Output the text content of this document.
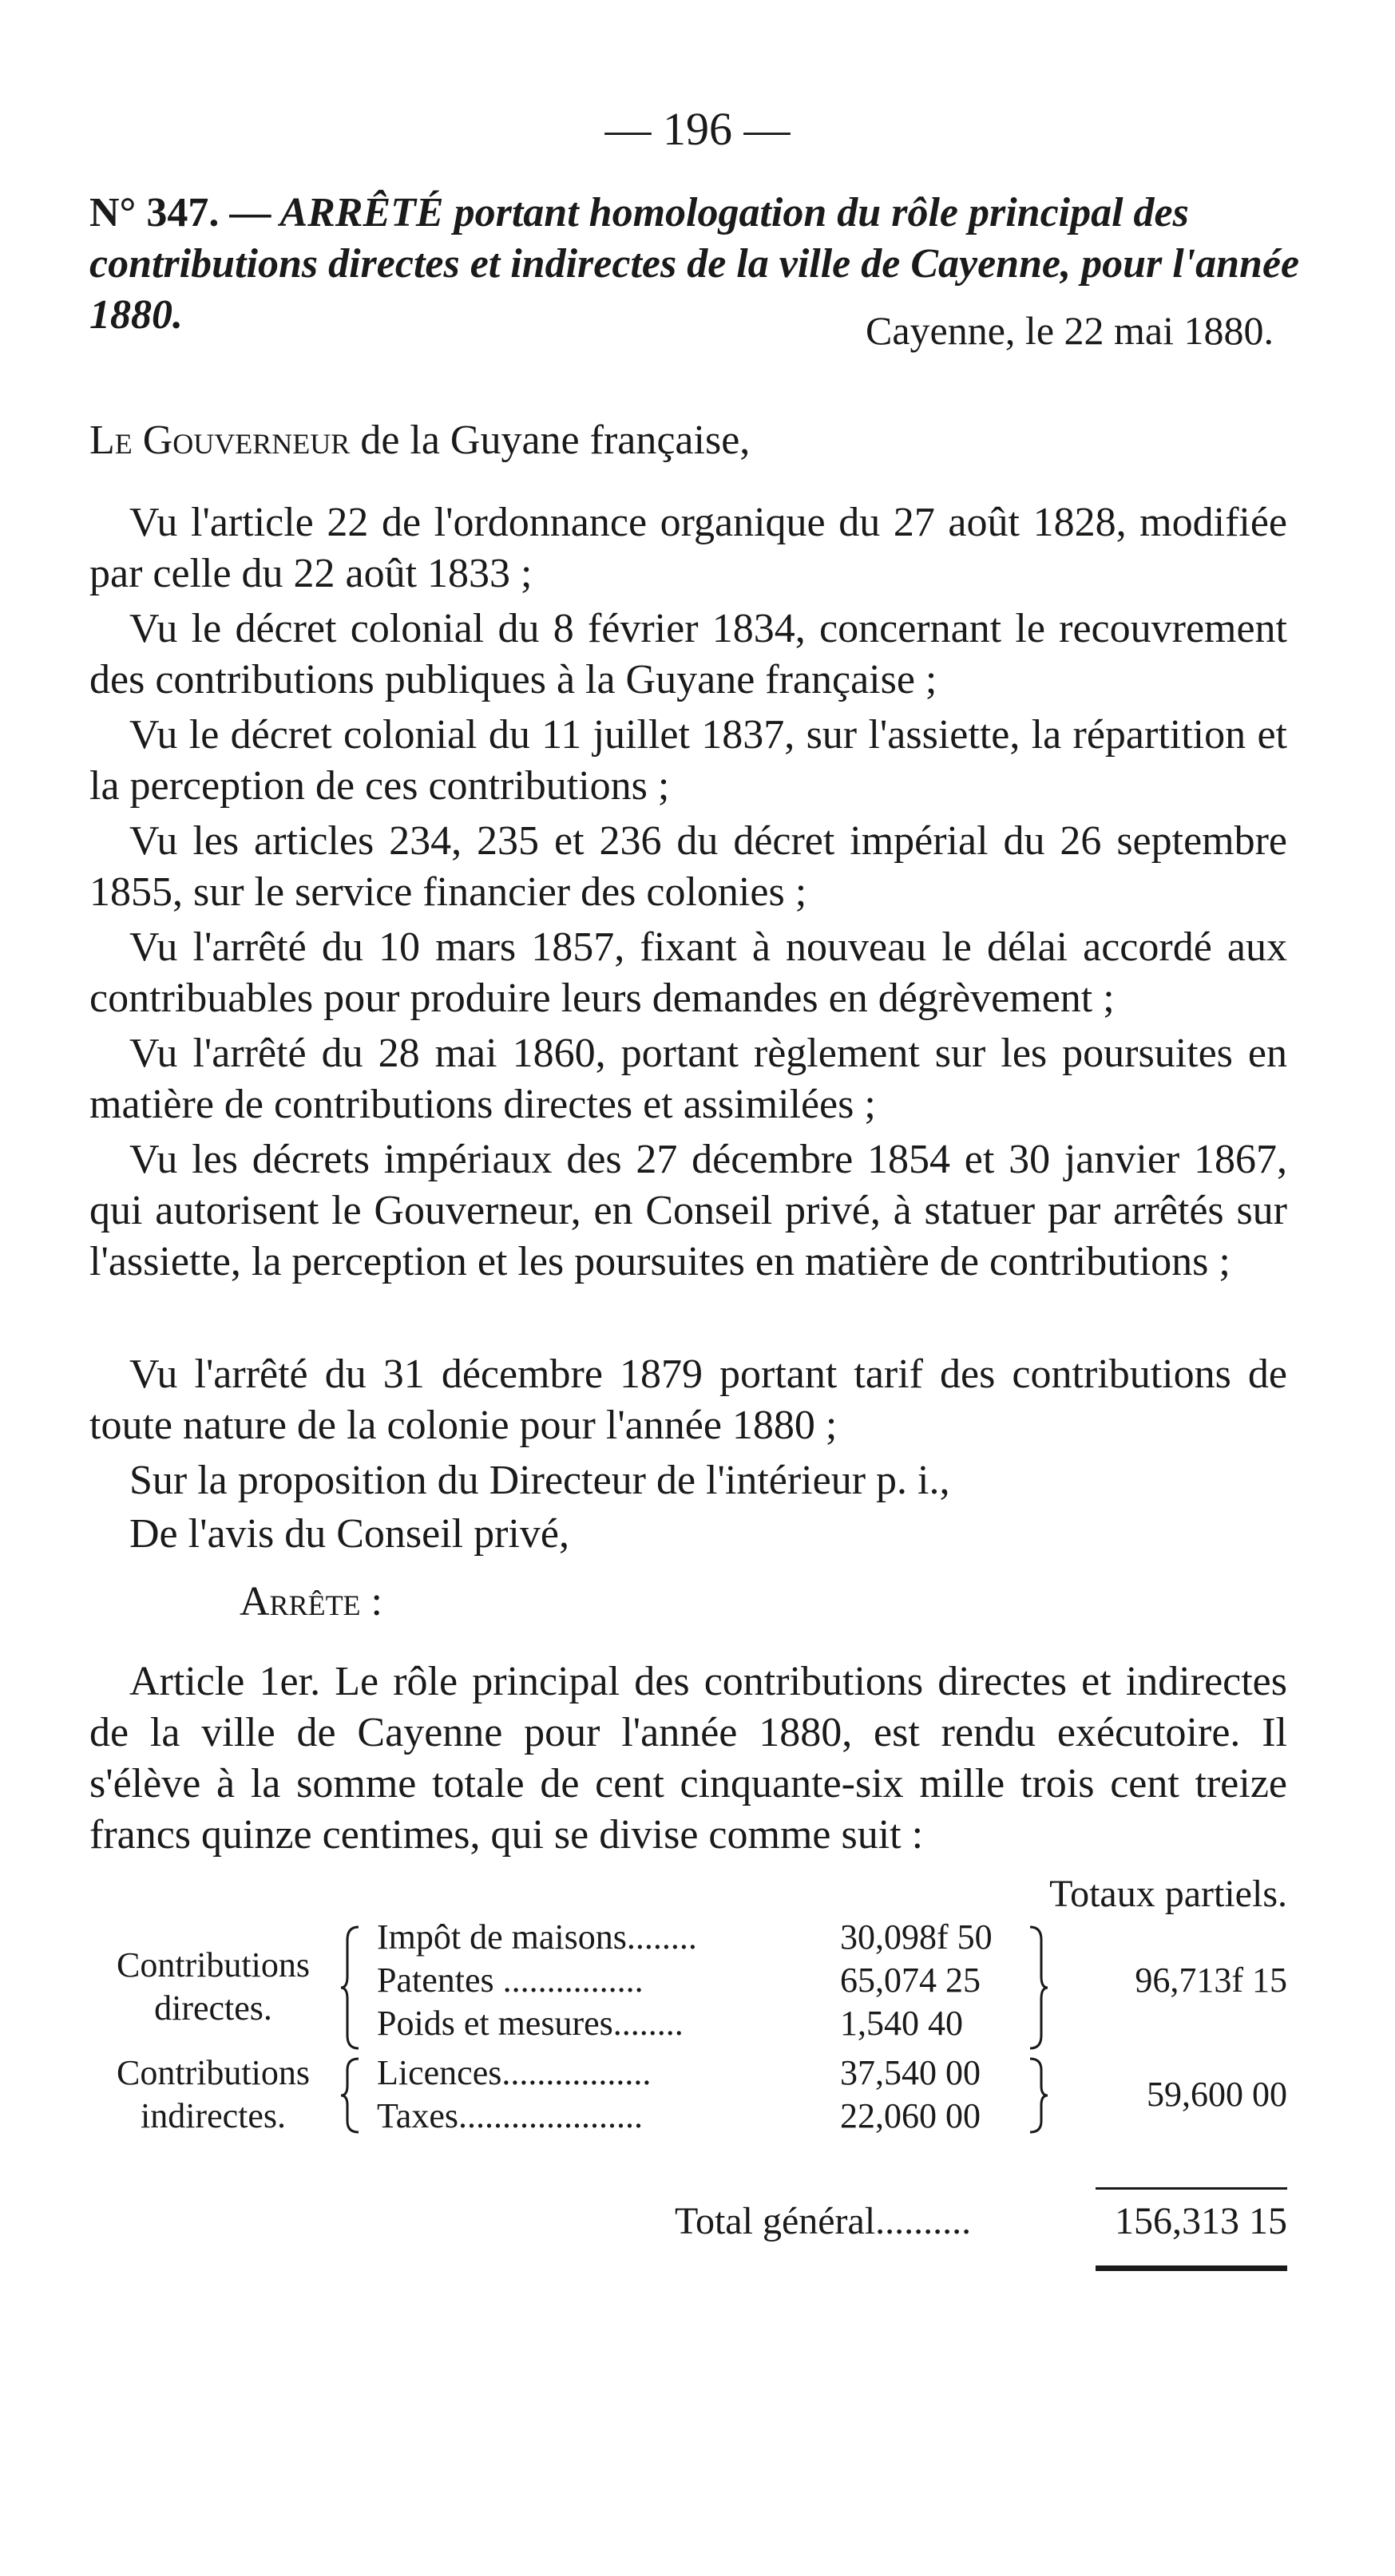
— 196 —

N° 347. — ARRÊTÉ portant homologation du rôle principal des contributions directes et indirectes de la ville de Cayenne, pour l'année 1880.	Cayenne, le 22 mai 1880.

Le Gouverneur de la Guyane française,

Vu l'article 22 de l'ordonnance organique du 27 août 1828, modifiée par celle du 22 août 1833 ;

Vu le décret colonial du 8 février 1834, concernant le recouvrement des contributions publiques à la Guyane française ;

Vu le décret colonial du 11 juillet 1837, sur l'assiette, la répartition et la perception de ces contributions ;

Vu les articles 234, 235 et 236 du décret impérial du 26 septembre 1855, sur le service financier des colonies ;

Vu l'arrêté du 10 mars 1857, fixant à nouveau le délai accordé aux contribuables pour produire leurs demandes en dégrèvement ;

Vu l'arrêté du 28 mai 1860, portant règlement sur les poursuites en matière de contributions directes et assimilées ;

Vu les décrets impériaux des 27 décembre 1854 et 30 janvier 1867, qui autorisent le Gouverneur, en Conseil privé, à statuer par arrêtés sur l'assiette, la perception et les poursuites en matière de contributions ;

Vu l'arrêté du 31 décembre 1879 portant tarif des contributions de toute nature de la colonie pour l'année 1880 ;

Sur la proposition du Directeur de l'intérieur p. i.,

De l'avis du Conseil privé,

Arrête :

Article 1er. Le rôle principal des contributions directes et indirectes de la ville de Cayenne pour l'année 1880, est rendu exécutoire. Il s'élève à la somme totale de cent cinquante-six mille trois cent treize francs quinze centimes, qui se divise comme suit :

Totaux partiels.
Contributions
directes.
Impôt de maisons........	30,098f 50
Patentes ................	65,074 25
Poids et mesures........	1,540 40
96,713f 15
Contributions
indirectes.
Licences.................	37,540 00
Taxes.....................	22,060 00
59,600 00
Total général..........	156,313 15
